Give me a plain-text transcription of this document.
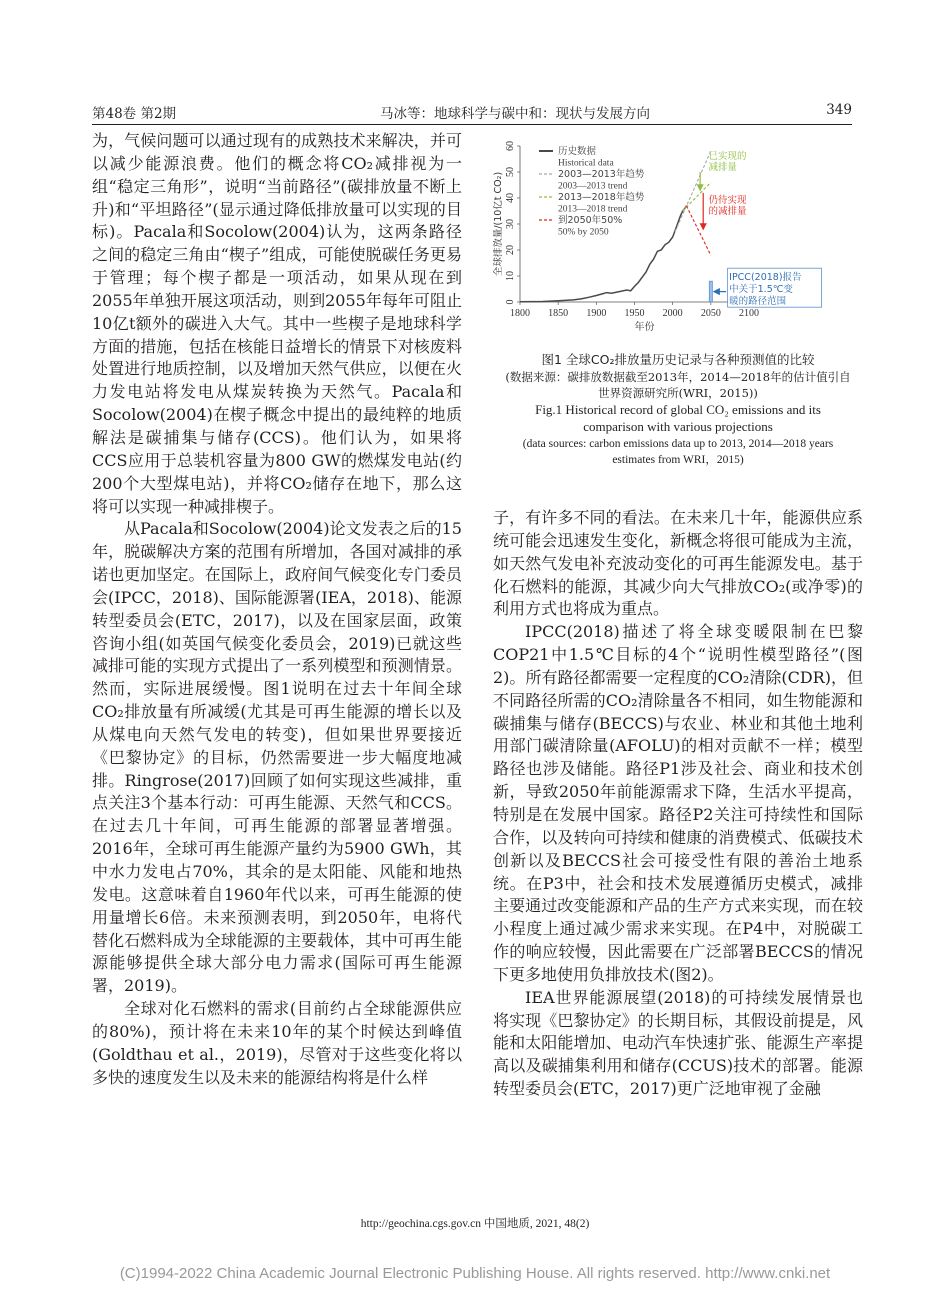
第48卷 第2期	马冰等：地球科学与碳中和：现状与发展方向	349

为，气候问题可以通过现有的成熟技术来解决，并可以减少能源浪费。他们的概念将CO₂减排视为一组“稳定三角形”，说明“当前路径”(碳排放量不断上升)和“平坦路径”(显示通过降低排放量可以实现的目标)。Pacala和Socolow(2004)认为，这两条路径之间的稳定三角由“楔子”组成，可能使脱碳任务更易于管理；每个楔子都是一项活动，如果从现在到2055年单独开展这项活动，则到2055年每年可阻止10亿t额外的碳进入大气。其中一些楔子是地球科学方面的措施，包括在核能日益增长的情景下对核废料处置进行地质控制，以及增加天然气供应，以便在火力发电站将发电从煤炭转换为天然气。Pacala和Socolow(2004)在楔子概念中提出的最纯粹的地质解法是碳捕集与储存(CCS)。他们认为，如果将CCS应用于总装机容量为800 GW的燃煤发电站(约200个大型煤电站)，并将CO₂储存在地下，那么这将可以实现一种减排楔子。

从Pacala和Socolow(2004)论文发表之后的15年，脱碳解决方案的范围有所增加，各国对减排的承诺也更加坚定。在国际上，政府间气候变化专门委员会(IPCC，2018)、国际能源署(IEA，2018)、能源转型委员会(ETC，2017)，以及在国家层面，政策咨询小组(如英国气候变化委员会，2019)已就这些减排可能的实现方式提出了一系列模型和预测情景。然而，实际进展缓慢。图1说明在过去十年间全球CO₂排放量有所减缓(尤其是可再生能源的增长以及从煤电向天然气发电的转变)，但如果世界要接近《巴黎协定》的目标，仍然需要进一步大幅度地减排。Ringrose(2017)回顾了如何实现这些减排，重点关注3个基本行动：可再生能源、天然气和CCS。在过去几十年间，可再生能源的部署显著增强。2016年，全球可再生能源产量约为5900 GWh，其中水力发电占70%，其余的是太阳能、风能和地热发电。这意味着自1960年代以来，可再生能源的使用量增长6倍。未来预测表明，到2050年，电将代替化石燃料成为全球能源的主要载体，其中可再生能源能够提供全球大部分电力需求(国际可再生能源署，2019)。

全球对化石燃料的需求(目前约占全球能源供应的80%)，预计将在未来10年的某个时候达到峰值(Goldthau et al.，2019)，尽管对于这些变化将以多快的速度发生以及未来的能源结构将是什么样

1800 1850 1900 1950 2000 2050 2100
0
10
20
30
40
50
60
年份
全球排放量/(10亿t CO₂)
历史数据
Historical data
2003—2013年趋势
2003—2013 trend
2013—2018年趋势
2013—2018 trend
到2050年50%
50% by 2050
已实现的
减排量
仍待实现
的减排量
IPCC(2018)报告
中关于1.5℃变
暖的路径范围
图1 全球CO₂排放量历史记录与各种预测值的比较
(数据来源：碳排放数据截至2013年，2014—2018年的估计值引自
世界资源研究所(WRI，2015))
Fig.1 Historical record of global CO₂ emissions and its
comparison with various projections
(data sources: carbon emissions data up to 2013, 2014—2018 years
estimates from WRI，2015)

子，有许多不同的看法。在未来几十年，能源供应系统可能会迅速发生变化，新概念将很可能成为主流，如天然气发电补充波动变化的可再生能源发电。基于化石燃料的能源，其减少向大气排放CO₂(或净零)的利用方式也将成为重点。

IPCC(2018)描述了将全球变暖限制在巴黎COP21中1.5℃目标的4个“说明性模型路径”(图2)。所有路径都需要一定程度的CO₂清除(CDR)，但不同路径所需的CO₂清除量各不相同，如生物能源和碳捕集与储存(BECCS)与农业、林业和其他土地利用部门碳清除量(AFOLU)的相对贡献不一样；模型路径也涉及储能。路径P1涉及社会、商业和技术创新，导致2050年前能源需求下降，生活水平提高，特别是在发展中国家。路径P2关注可持续性和国际合作，以及转向可持续和健康的消费模式、低碳技术创新以及BECCS社会可接受性有限的善治土地系统。在P3中，社会和技术发展遵循历史模式，减排主要通过改变能源和产品的生产方式来实现，而在较小程度上通过减少需求来实现。在P4中，对脱碳工作的响应较慢，因此需要在广泛部署BECCS的情况下更多地使用负排放技术(图2)。

IEA世界能源展望(2018)的可持续发展情景也将实现《巴黎协定》的长期目标，其假设前提是，风能和太阳能增加、电动汽车快速扩张、能源生产率提高以及碳捕集利用和储存(CCUS)技术的部署。能源转型委员会(ETC，2017)更广泛地审视了金融

http://geochina.cgs.gov.cn 中国地质, 2021, 48(2)
(C)1994-2022 China Academic Journal Electronic Publishing House. All rights reserved. http://www.cnki.net
